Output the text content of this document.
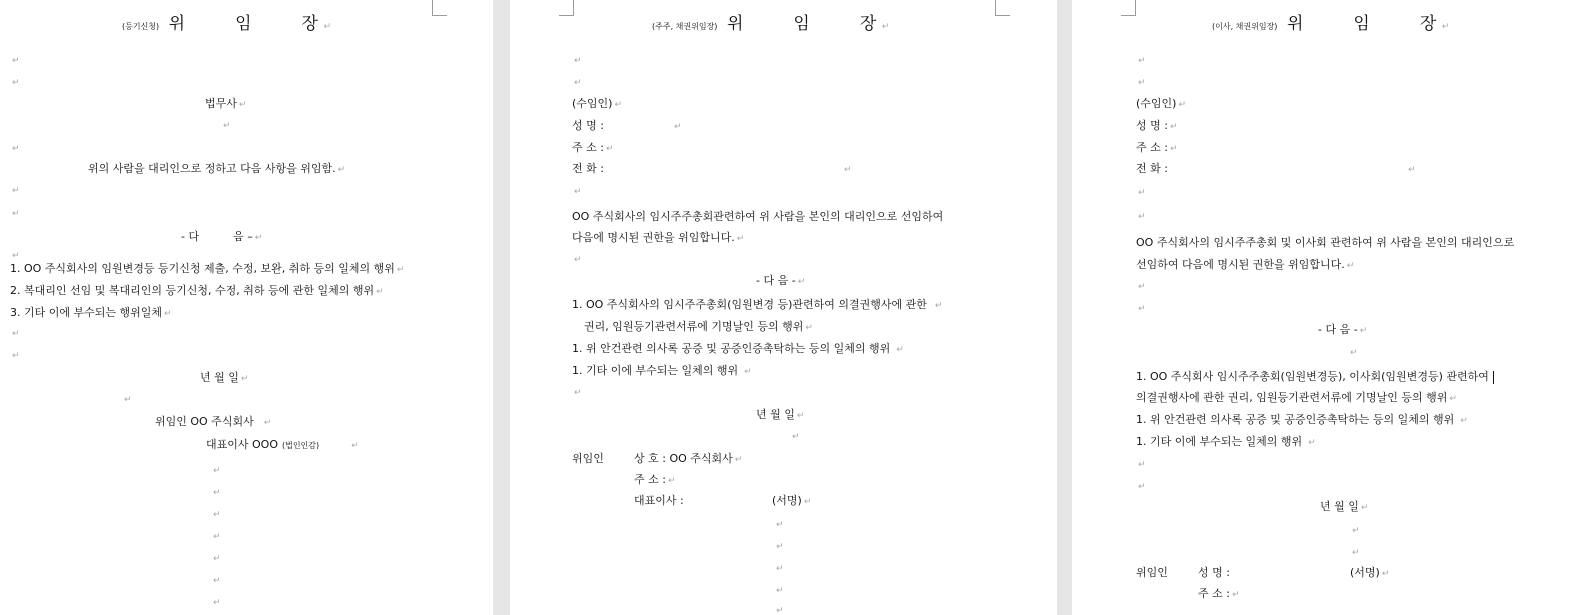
(등기신청) 위	임	장 ↵
↵
↵
법무사 ↵
↵
↵
위의 사람을 대리인으로 정하고 다음 사항을 위임함. ↵
↵
↵
- 다	음 – ↵
↵
1. OO 주식회사의 임원변경등 등기신청 제출, 수정, 보완, 취하 등의 일체의 행위 ↵
2. 복대리인 선임 및 복대리인의 등기신청, 수정, 취하 등에 관한 일체의 행위 ↵
3. 기타 이에 부수되는 행위일체 ↵
↵
↵
년 월 일 ↵
↵
위임인 OO 주식회사 ↵
대표이사 OOO (법인인감)	↵
↵
↵
↵
↵
↵
↵
↵
(주주, 채권위임장) 위	임	장 ↵
↵
↵
(수임인) ↵
성 명 :	↵
주 소 : ↵
전 화 :	↵
↵
OO 주식회사의 임시주주총회관련하여 위 사람을 본인의 대리인으로 선임하여
다음에 명시된 권한을 위임합니다. ↵
↵
- 다 음 - ↵
1. OO 주식회사의 임시주주총회(임원변경 등)관련하여 의결권행사에 관한 ↵
권리, 임원등기관련서류에 기명날인 등의 행위 ↵
1. 위 안건관련 의사록 공증 및 공증인증촉탁하는 등의 일체의 행위 ↵
1. 기타 이에 부수되는 일체의 행위 ↵
↵
년 월 일 ↵
↵
위임인	상 호 : OO 주식회사 ↵
주 소 : ↵
대표이사 :	(서명) ↵
↵
↵
↵
↵
↵
(이사, 채권위임장) 위	임	장 ↵
↵
↵
(수임인) ↵
성 명 : ↵
주 소 : ↵
전 화 :	↵
↵
↵
OO 주식회사의 임시주주총회 및 이사회 관련하여 위 사람을 본인의 대리인으로
선임하여 다음에 명시된 권한을 위임합니다. ↵
↵
↵
- 다 음 - ↵
↵
1. OO 주식회사 임시주주총회(임원변경등), 이사회(임원변경등) 관련하여
의결권행사에 관한 권리, 임원등기관련서류에 기명날인 등의 행위 ↵
1. 위 안건관련 의사록 공증 및 공증인증촉탁하는 등의 일체의 행위 ↵
1. 기타 이에 부수되는 일체의 행위 ↵
↵
↵
년 월 일 ↵
↵
↵
위임인	성 명 :	(서명) ↵
주 소 : ↵
